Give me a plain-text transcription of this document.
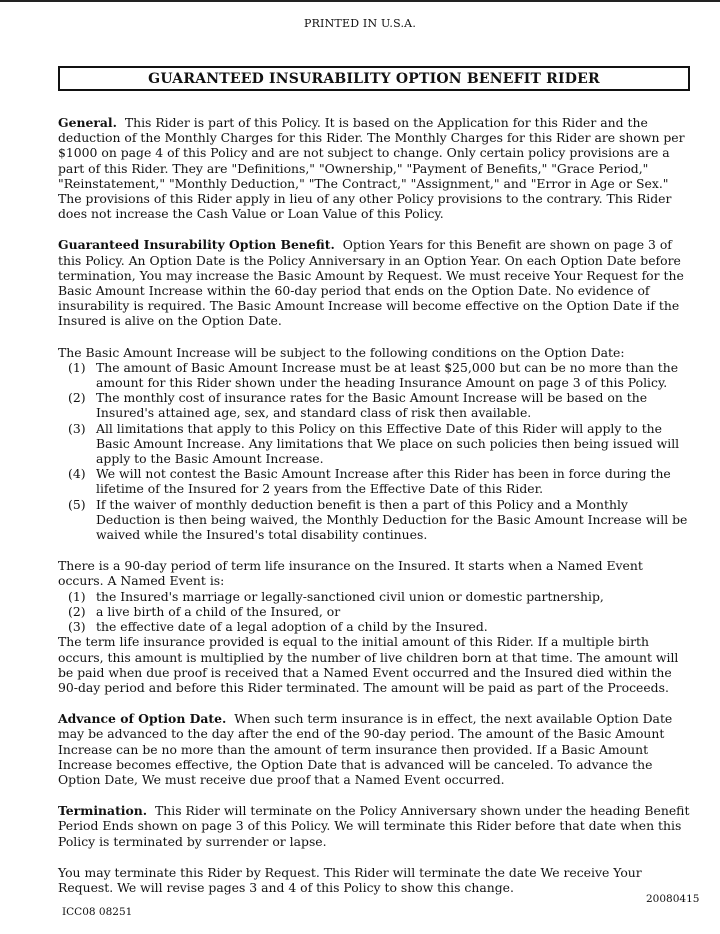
PRINTED IN U.S.A.
GUARANTEED INSURABILITY OPTION BENEFIT RIDER

General. This Rider is part of this Policy. It is based on the Application for this Rider and the deduction of the Monthly Charges for this Rider. The Monthly Charges for this Rider are shown per $1000 on page 4 of this Policy and are not subject to change. Only certain policy provisions are a part of this Rider. They are "Definitions," "Ownership," "Payment of Benefits," "Grace Period," "Reinstatement," "Monthly Deduction," "The Contract," "Assignment," and "Error in Age or Sex." The provisions of this Rider apply in lieu of any other Policy provisions to the contrary. This Rider does not increase the Cash Value or Loan Value of this Policy.

Guaranteed Insurability Option Benefit. Option Years for this Benefit are shown on page 3 of this Policy. An Option Date is the Policy Anniversary in an Option Year. On each Option Date before termination, You may increase the Basic Amount by Request. We must receive Your Request for the Basic Amount Increase within the 60-day period that ends on the Option Date. No evidence of insurability is required. The Basic Amount Increase will become effective on the Option Date if the Insured is alive on the Option Date.

The Basic Amount Increase will be subject to the following conditions on the Option Date:

(1) The amount of Basic Amount Increase must be at least $25,000 but can be no more than the amount for this Rider shown under the heading Insurance Amount on page 3 of this Policy.
(2) The monthly cost of insurance rates for the Basic Amount Increase will be based on the Insured's attained age, sex, and standard class of risk then available.
(3) All limitations that apply to this Policy on this Effective Date of this Rider will apply to the Basic Amount Increase. Any limitations that We place on such policies then being issued will apply to the Basic Amount Increase.
(4) We will not contest the Basic Amount Increase after this Rider has been in force during the lifetime of the Insured for 2 years from the Effective Date of this Rider.
(5) If the waiver of monthly deduction benefit is then a part of this Policy and a Monthly Deduction is then being waived, the Monthly Deduction for the Basic Amount Increase will be waived while the Insured's total disability continues.

There is a 90-day period of term life insurance on the Insured. It starts when a Named Event occurs. A Named Event is:

(1) the Insured's marriage or legally-sanctioned civil union or domestic partnership,
(2) a live birth of a child of the Insured, or
(3) the effective date of a legal adoption of a child by the Insured.

The term life insurance provided is equal to the initial amount of this Rider. If a multiple birth occurs, this amount is multiplied by the number of live children born at that time. The amount will be paid when due proof is received that a Named Event occurred and the Insured died within the 90-day period and before this Rider terminated. The amount will be paid as part of the Proceeds.

Advance of Option Date. When such term insurance is in effect, the next available Option Date may be advanced to the day after the end of the 90-day period. The amount of the Basic Amount Increase can be no more than the amount of term insurance then provided. If a Basic Amount Increase becomes effective, the Option Date that is advanced will be canceled. To advance the Option Date, We must receive due proof that a Named Event occurred.

Termination. This Rider will terminate on the Policy Anniversary shown under the heading Benefit Period Ends shown on page 3 of this Policy. We will terminate this Rider before that date when this Policy is terminated by surrender or lapse.

You may terminate this Rider by Request. This Rider will terminate the date We receive Your Request. We will revise pages 3 and 4 of this Policy to show this change.

ICC08 08251
20080415
